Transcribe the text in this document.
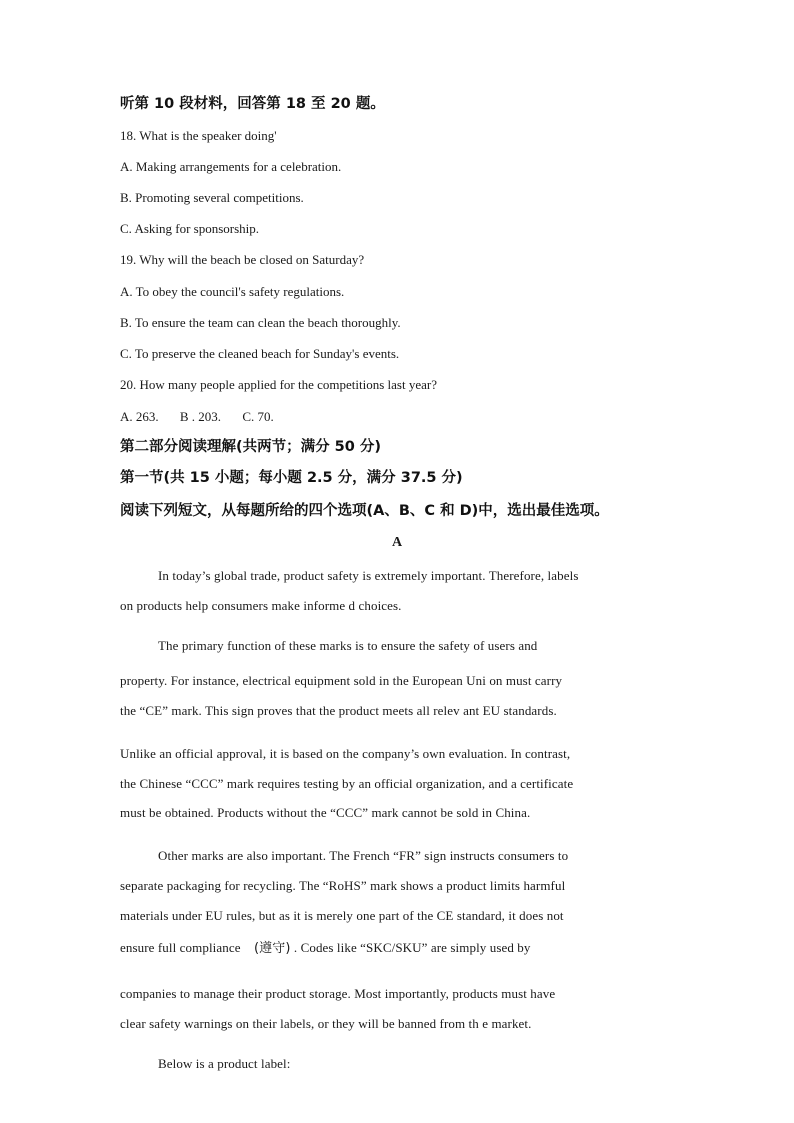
听第 10 段材料，回答第 18 至 20 题。
18. What is the speaker doing'
A. Making arrangements for a celebration.
B. Promoting several competitions.
C. Asking for sponsorship.
19. Why will the beach be closed on Saturday?
A. To obey the council's safety regulations.
B. To ensure the team can clean the beach thoroughly.
C. To preserve the cleaned beach for Sunday's events.
20. How many people applied for the competitions last year?
A. 263. B . 203. C. 70.
第二部分阅读理解(共两节；满分 50 分)
第一节(共 15 小题；每小题 2.5 分，满分 37.5 分)
阅读下列短文，从每题所给的四个选项(A、B、C 和 D)中，选出最佳选项。
A
In today’s global trade, product safety is extremely important. Therefore, labels
on products help consumers make informe d choices.
The primary function of these marks is to ensure the safety of users and
property. For instance, electrical equipment sold in the European Uni on must carry
the “CE” mark. This sign proves that the product meets all relev ant EU standards.
Unlike an official approval, it is based on the company’s own evaluation. In contrast,
the Chinese “CCC” mark requires testing by an official organization, and a certificate
must be obtained. Products without the “CCC” mark cannot be sold in China.
Other marks are also important. The French “FR” sign instructs consumers to
separate packaging for recycling. The “RoHS” mark shows a product limits harmful
materials under EU rules, but as it is merely one part of the CE standard, it does not
ensure full compliance (遵守) . Codes like “SKC/SKU” are simply used by
companies to manage their product storage. Most importantly, products must have
clear safety warnings on their labels, or they will be banned from th e market.
Below is a product label:
